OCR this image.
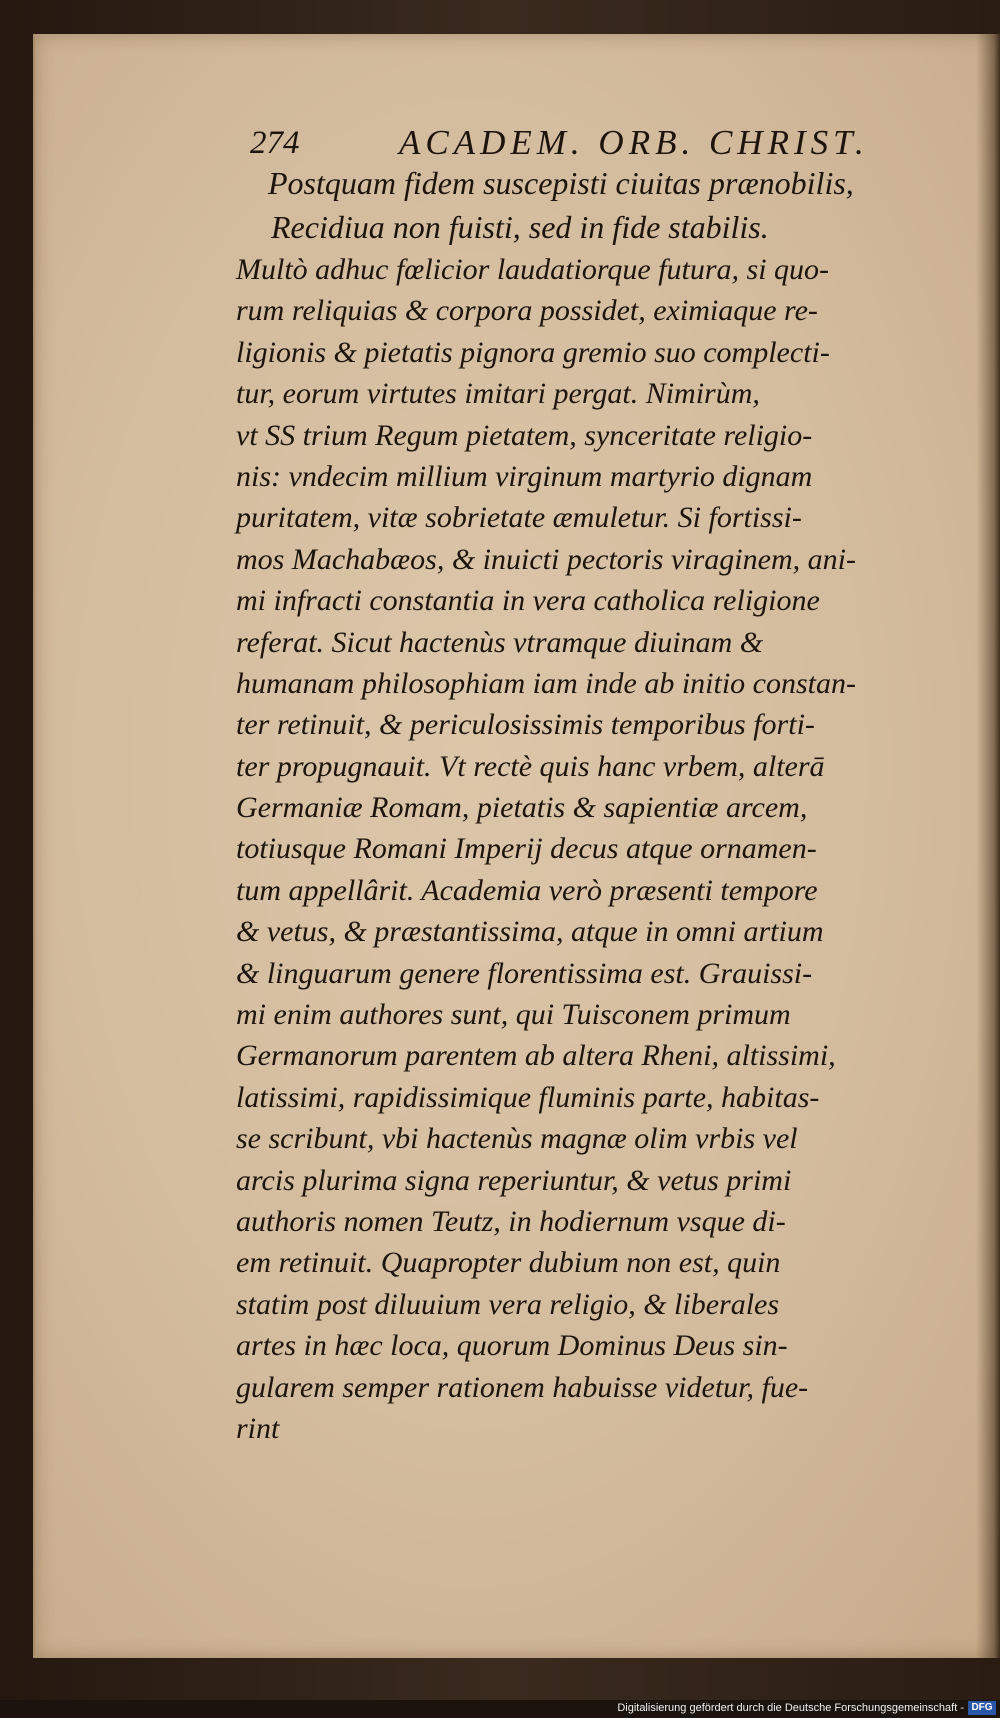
274	ACADEM. ORB. CHRIST.
Postquam fidem suscepisti ciuitas prænobilis,
Recidiua non fuisti, sed in fide stabilis.
Multò adhuc fœlicior laudatiorque futura, si quo-
rum reliquias & corpora possidet, eximiaque re-
ligionis & pietatis pignora gremio suo complecti-
tur, eorum virtutes imitari pergat. Nimirùm,
vt SS trium Regum pietatem, synceritate religio-
nis: vndecim millium virginum martyrio dignam
puritatem, vitæ sobrietate æmuletur. Si fortissi-
mos Machabæos, & inuicti pectoris viraginem, ani-
mi infracti constantia in vera catholica religione
referat. Sicut hactenùs vtramque diuinam &
humanam philosophiam iam inde ab initio constan-
ter retinuit, & periculosissimis temporibus forti-
ter propugnauit. Vt rectè quis hanc vrbem, alterā
Germaniæ Romam, pietatis & sapientiæ arcem,
totiusque Romani Imperij decus atque ornamen-
tum appellârit. Academia verò præsenti tempore
& vetus, & præstantissima, atque in omni artium
& linguarum genere florentissima est. Grauissi-
mi enim authores sunt, qui Tuisconem primum
Germanorum parentem ab altera Rheni, altissimi,
latissimi, rapidissimique fluminis parte, habitas-
se scribunt, vbi hactenùs magnæ olim vrbis vel
arcis plurima signa reperiuntur, & vetus primi
authoris nomen Teutz, in hodiernum vsque di-
em retinuit. Quapropter dubium non est, quin
statim post diluuium vera religio, & liberales
artes in hæc loca, quorum Dominus Deus sin-
gularem semper rationem habuisse videtur, fue-
rint
Digitalisierung gefördert durch die Deutsche Forschungsgemeinschaft - DFG
